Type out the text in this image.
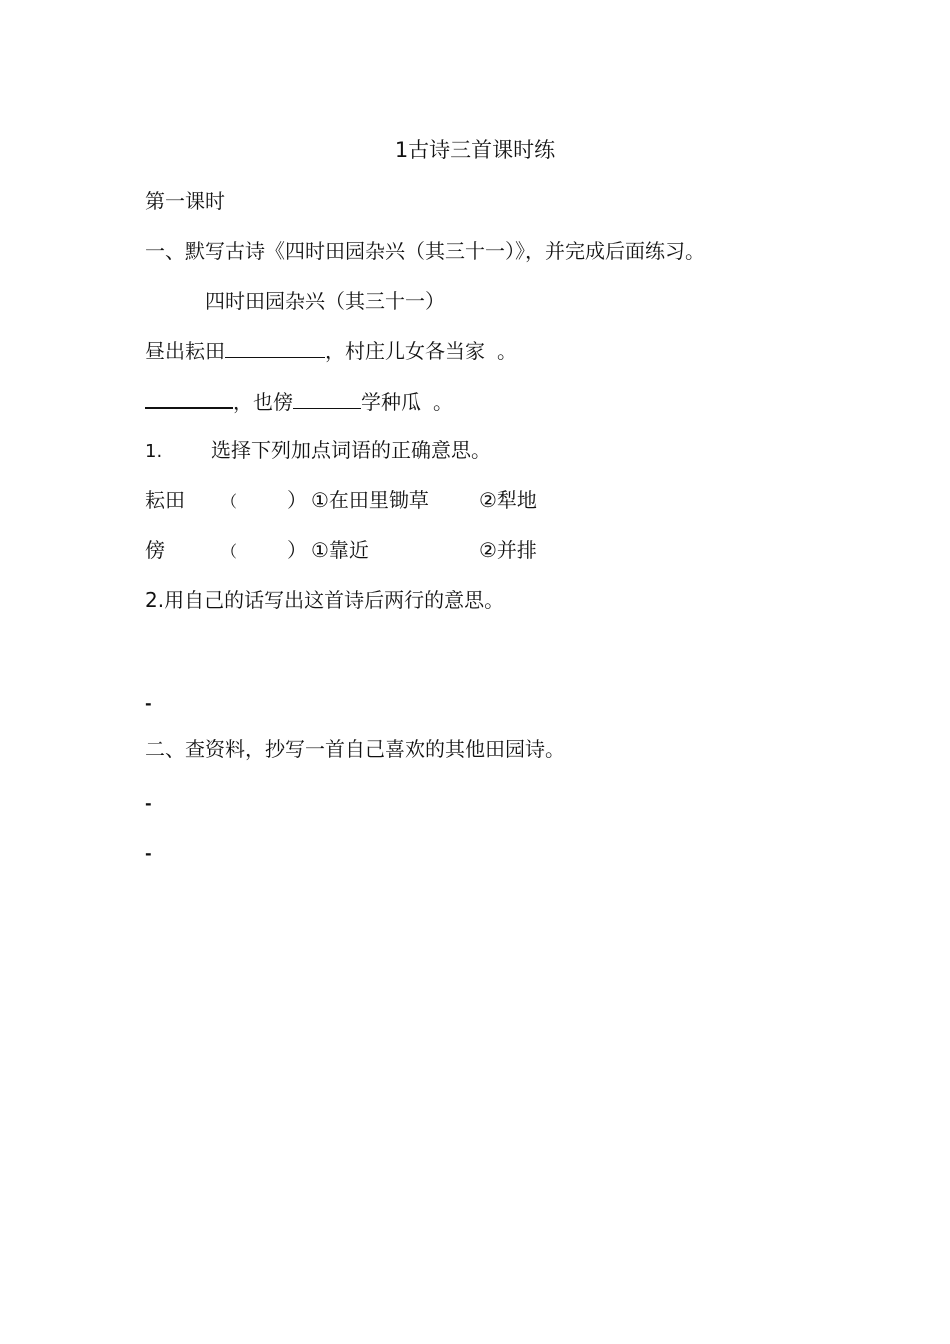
1古诗三首课时练
第一课时
一、默写古诗《四时田园杂兴（其三十一）》，并完成后面练习。
四时田园杂兴（其三十一）
昼出耘田	，村庄儿女各当家 。
，也傍	学种瓜 。
1. 选择下列加点词语的正确意思。
耘田 （ ） ①在田里锄草	②犁地
傍	（ ） ①靠近	②并排
2.用自己的话写出这首诗后两行的意思。
-
二、查资料，抄写一首自己喜欢的其他田园诗。
-
-
